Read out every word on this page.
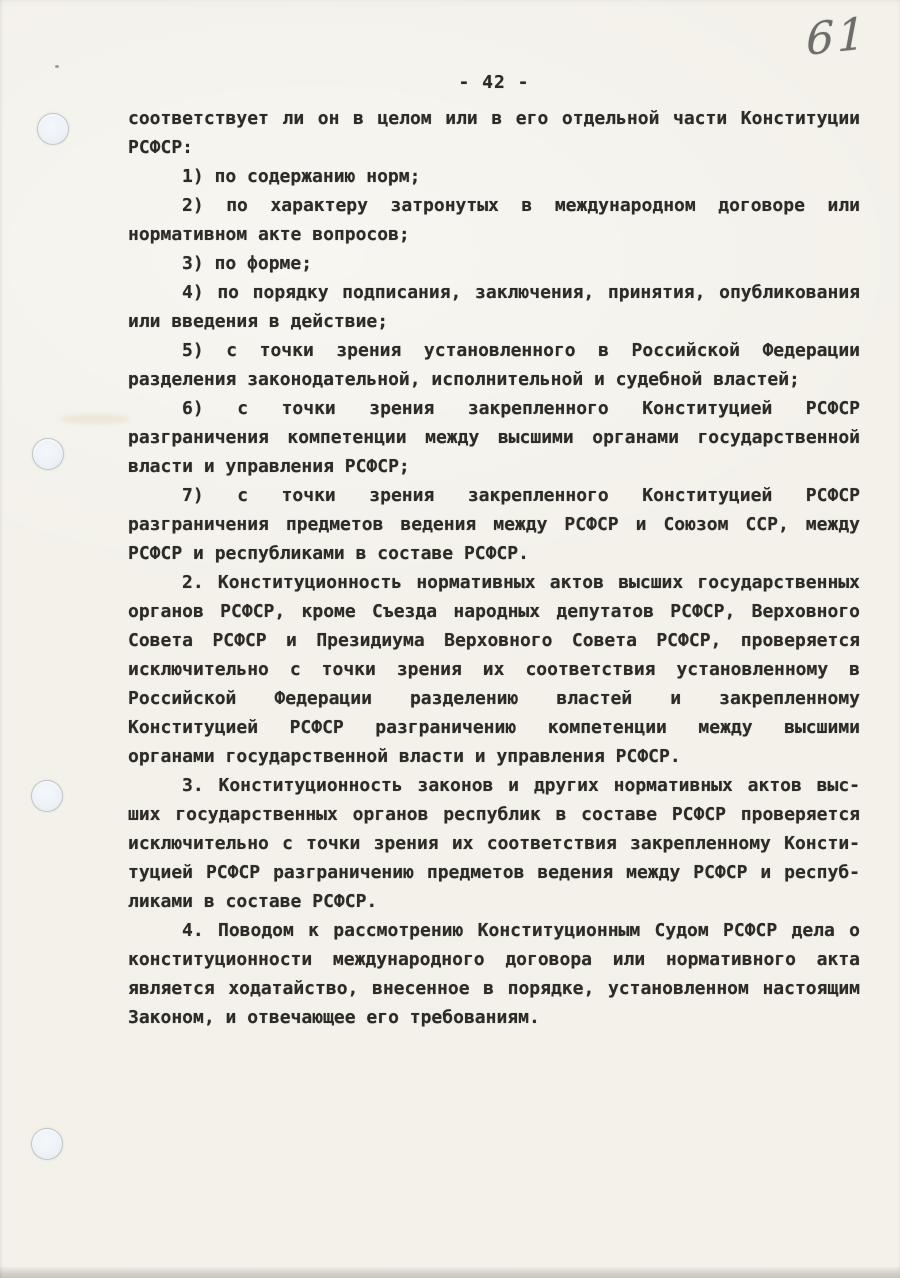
61
- 42 -
соответствует ли он в целом или в его отдельной части Конституции
РСФСР:
1) по содержанию норм;
2) по характеру затронутых в международном договоре или
нормативном акте вопросов;
3) по форме;
4) по порядку подписания, заключения, принятия, опубликования
или введения в действие;
5) с точки зрения установленного в Российской Федерации
разделения законодательной, исполнительной и судебной властей;
6) с точки зрения закрепленного Конституцией РСФСР
разграничения компетенции между высшими органами государственной
власти и управления РСФСР;
7) с точки зрения закрепленного Конституцией РСФСР
разграничения предметов ведения между РСФСР и Союзом ССР, между
РСФСР и республиками в составе РСФСР.
2. Конституционность нормативных актов высших государственных
органов РСФСР, кроме Съезда народных депутатов РСФСР, Верховного
Совета РСФСР и Президиума Верховного Совета РСФСР, проверяется
исключительно с точки зрения их соответствия установленному в
Российской Федерации разделению властей и закрепленному
Конституцией РСФСР разграничению компетенции между высшими
органами государственной власти и управления РСФСР.
3. Конституционность законов и других нормативных актов выс-
ших государственных органов республик в составе РСФСР проверяется
исключительно с точки зрения их соответствия закрепленному Консти-
туцией РСФСР разграничению предметов ведения между РСФСР и респуб-
ликами в составе РСФСР.
4. Поводом к рассмотрению Конституционным Судом РСФСР дела о
конституционности международного договора или нормативного акта
является ходатайство, внесенное в порядке, установленном настоящим
Законом, и отвечающее его требованиям.
